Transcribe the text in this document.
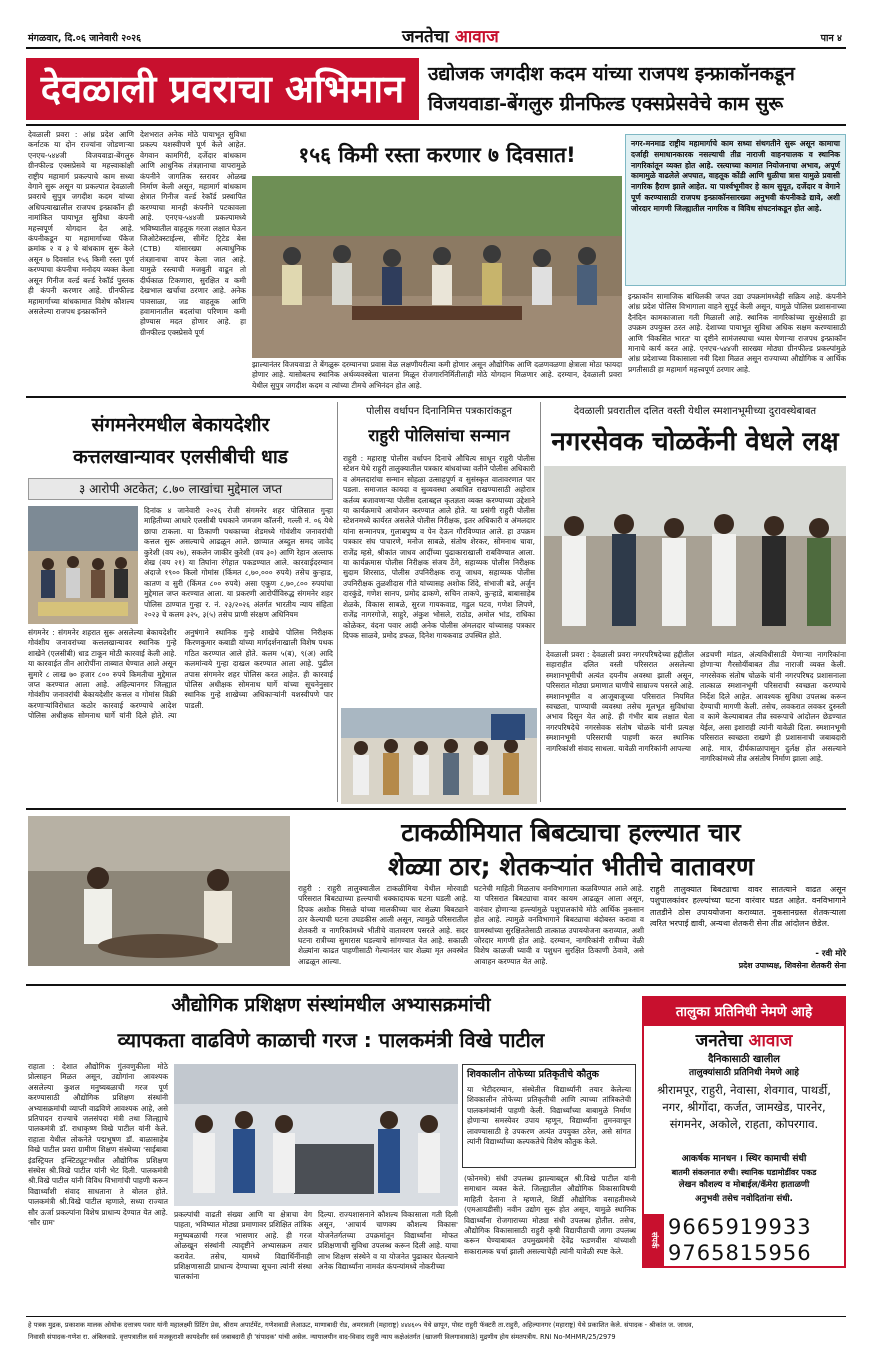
मंगळवार, दि.०६ जानेवारी २०२६	जनतेचा आवाज	पान ४
देवळाली प्रवराचा अभिमान	उद्योजक जगदीश कदम यांच्या राजपथ इन्फ्राकॉनकडून
विजयवाडा-बेंगलुरु ग्रीनफिल्ड एक्सप्रेसवेचे काम सुरू
देवळाली प्रवरा : आंध्र प्रदेश आणि कर्नाटक या दोन राज्यांना जोडणाऱ्या एनएच-५४४जी विजयवाडा-बेंगलुरु ग्रीनफील्ड एक्सप्रेसवे या महत्त्वाकांक्षी राष्ट्रीय महामार्ग प्रकल्पाचे काम सध्या वेगाने सुरू असून या प्रकल्पात देवळाली प्रवराचे सुपुत्र जगदीश कदम यांच्या अधिपत्याखालील राजपथ इन्फ्राकॉन ही नामांकित पायाभूत सुविधा कंपनी महत्त्वपूर्ण योगदान देत आहे. कंपनीकडून या महामार्गाच्या पॅकेज क्रमांक २ व ३ चे बांधकाम सुरू केले असून ७ दिवसांत १५६ किमी रस्ता पूर्ण करण्याचा कंपनीचा मनोदय व्यक्त केला असून गिनीज वर्ल्ड बर्ल्ड रेकॉर्ड पुस्तक ही कंपनी करणार आहे. ग्रीनफील्ड महामार्गाच्या बांधकामात विशेष कौशल्य असलेल्या राजपथ इन्फ्राकॉनने
देशभरात अनेक मोठे पायाभूत सुविधा प्रकल्प यशस्वीपणे पूर्ण केले आहेत. वेगवान कामगिरी, दर्जेदार बांधकाम आणि आधुनिक तंत्रज्ञानाचा वापरामुळे कंपनीने जागतिक स्तरावर ओळख निर्माण केली असून, महामार्ग बांधकाम क्षेत्रात गिनीज वर्ल्ड रेकॉर्ड प्रस्थापित करण्याचा मानही कंपनीने पटकावला आहे. एनएच-५४४जी प्रकल्पामध्ये भविष्यातील वाहतूक गरजा लक्षात घेऊन जिओटेक्स्टाईल्स, सीमेंट ट्रिटेड बेस (CTB) यांसारख्या अत्याधुनिक तंत्रज्ञानाचा वापर केला जात आहे. यामुळे रस्त्याची मजबुती वाढून तो दीर्घकाळ टिकणारा, सुरक्षित व कमी देखभाल खर्चाचा ठरणार आहे. अनेक पावसाळा, जड वाहतूक आणि हवामानातील बदलांचा परिणाम कमी होण्यास मदत होणार आहे. हा ग्रीनफील्ड एक्स्प्रेसवे पूर्ण
१५६ किमी रस्ता करणार ७ दिवसात!
झाल्यानंतर विजयवाडा ते बेंगळुरू दरम्यानचा प्रवास वेळ लक्षणीयरीत्या कमी होणार असून औद्योगिक आणि दळणवळणा क्षेत्राला मोठा फायदा होणार आहे. यासोबतच स्थानिक अर्थव्यवस्थेला चालना मिळून रोजगारनिर्मितीलाही मोठे योगदान मिळणार आहे. दरम्यान, देवळाली प्रवरा येथील सुपुत्र जगदीश कदम व त्यांच्या टीमचे अभिनंदन होत आहे.
नगर-मनमाड राष्ट्रीय महामार्गाचे काम सध्या संथगतीने सुरू असून कामाचा दर्जाही समाधानकारक नसल्याची तीव्र नाराजी वाहनचालक व स्थानिक नागरिकांतून व्यक्त होत आहे. रस्त्याच्या कामात नियोजनाचा अभाव, अपूर्ण कामामुळे वाढलेले अपघात, वाहतूक कोंडी आणि धुळीचा त्रास यामुळे प्रवासी नागरिक हैराण झाले आहेत. या पार्श्वभूमीवर हे काम सुयूत, दर्जेदार व वेगाने पूर्ण करण्यासाठी राजपथ इन्फ्राकॉनसारख्या अनुभवी कंपनीकडे द्यावे, अशी जोरदार मागणी जिल्ह्यातील नागरिक व विविध संघटनांकडून होत आहे.
इन्फ्राकॉन सामाजिक बांधिलकी जपत उद्या उपक्रमांमध्येही सक्रिय आहे. कंपनीने आंध्र प्रदेश पोलिस विभागाला वाहने सुपूर्द केली असून, यामुळे पोलिस प्रशासनाच्या दैनंदिन कामकाजाला गती मिळाली आहे. स्थानिक नागरिकांच्या सुरक्षेसाठी हा उपक्रम उपयुक्त ठरत आहे. देशाच्या पायाभूत सुविधा अधिक सक्षम करण्यासाठी आणि 'विकसित भारत' या दृष्टीने सामंजस्याचा ध्यास घेणाऱ्या राजपथ इन्फ्राकॉन मानाचे कार्य करत आहे. एनएच-५४४जी सारख्या मोठ्या ग्रीनफील्ड प्रकल्पांमुळे आंध्र प्रदेशाच्या विकासाला नवी दिशा मिळत असून राज्याच्या औद्योगिक व आर्थिक प्रगतीसाठी हा महामार्ग महत्त्वपूर्ण ठरणार आहे.
संगमनेरमधील बेकायदेशीर
कत्तलखान्यावर एलसीबीची धाड
३ आरोपी अटकेत; ८.७० लाखांचा मुद्देमाल जप्त
दिनांक ४ जानेवारी २०२६ रोजी संगमनेर शहर पोलिसात गुन्हा माहितीच्या आधारे एलसीबी पथकाने जमजम कॉलनी, गल्ली नं. ०६ येथे छापा टाकला. या ठिकाणी पथकाच्या शेडमध्ये गोवंशीय जनावरांची कत्तल सुरू असल्याचे आढळून आले. छाप्यात अब्दुल समद जावेद कुरेशी (वय २७), सकलेन जाकीर कुरेशी (वय ३०) आणि रेहान अल्ताफ शेख (वय २१) या तिघांना रंगेहात पकडण्यात आले. कारवाईदरम्यान अंदाजे १९०० किलो गोमांस (किंमत ८,७०,००० रुपये) तसेच कुऱ्हाड, कातण व सुरी (किंमत ८०० रुपये) असा एकूण ८,७०,८०० रुपयांचा मुद्देमाल जप्त करण्यात आला. या प्रकरणी आरोपींविरुद्ध संगमनेर शहर पोलिस ठाण्यात गुन्हा र. नं. २३/२०२६ अंतर्गत भारतीय न्याय संहिता २०२३ चे कलम ३२५, ३(५) तसेच प्राणी संरक्षण अधिनियम
संगमनेर : संगमनेर शहरात सुरू असलेल्या बेकायदेशीर गोवंशीय जनावरांच्या कत्तलखान्यावर स्थानिक गुन्हे शाखेने (एलसीबी) धाड टाकून मोठी कारवाई केली आहे. या कारवाईत तीन आरोपींना ताब्यात घेण्यात आले असून सुमारे ८ लाख ७० हजार ८०० रुपये किमतीचा मुद्देमाल जप्त करण्यात आला आहे. अहिल्यानगर जिल्ह्यात गोवंशीय जनावरांची बेकायदेशीर कत्तल व गोमांस विक्री करणाऱ्यांविरोधात कठोर कारवाई करण्याचे आदेश पोलिस अधीक्षक सोमनाथ घार्गे यांनी दिले होते. त्या अनुषंगाने स्थानिक गुन्हे शाखेचे पोलिस निरीक्षक किरणकुमार कबाडी यांच्या मार्गदर्शनाखाली विशेष पथक गठित करण्यात आले होते. कलम ५(ब), ९(अ) आदि कलमांन्वये गुन्हा दाखल करण्यात आला आहे. पुढील तपास संगमनेर शहर पोलिस करत आहेत. ही कारवाई पोलिस अधीक्षक सोमनाथ घार्गे यांच्या सूचनेनुसार स्थानिक गुन्हे शाखेच्या अधिकाऱ्यांनी यशस्वीपणे पार पाडली.
पोलीस वर्धापन दिनानिमित्त पत्रकारांकडून
राहुरी पोलिसांचा सन्मान
राहुरी : महाराष्ट्र पोलीस वर्धापन दिनाचे औचित्य साधून राहुरी पोलीस स्टेशन येथे राहुरी तालुक्यातील पत्रकार बांधवांच्या वतीने पोलीस अधिकारी व अंमलदारांचा सन्मान सोहळा उत्साहपूर्ण व सुसंस्कृत वातावरणात पार पडला. समाजात कायदा व सुव्यवस्था अबाधित राखण्यासाठी अहोरात्र कर्तव्य बजावणाऱ्या पोलीस दलाबद्दल कृतज्ञता व्यक्त करण्याच्या उद्देशाने या कार्यक्रमाचे आयोजन करण्यात आले होते. या प्रसंगी राहुरी पोलीस स्टेशनमध्ये कार्यरत असलेले पोलीस निरीक्षक, इतर अधिकारी व अंमलदार यांना सन्मानपत्र, गुलाबपुष्प व पेन देऊन गौरविण्यात आले. हा उपक्रम पत्रकार संघ पाचारणे, मनोज साबळे, संतोष शेरकर, सोमनाथ चावा, राजेंद्र म्हसे, श्रीकांत जाधव आदींच्या पुढाकाराखाली राबविण्यात आला. या कार्यक्रमास पोलीस निरीक्षक संजय ठेंगे, सहाय्यक पोलीस निरीक्षक सुदाम शिरसाठ, पोलीस उपनिरीक्षक राजू जाधव, सहाय्यक पोलीस उपनिरीक्षक तुळशीदास गीते यांच्यासह अशोक शिंदे, संभाजी बडे, अर्जुन दारकुंडे, गणेश सानप, प्रमोद ढाकणे, सचिन ताकपे, कुऱ्हाडे, बाबासाहेब शेळके, विकास साबळे, सुरज गायकवाड, गडुल घटव, गणेश लिपणे, राजेंद्र नागरगोजे, साहुरे, अंकुश भोसले, राठोड, अमोल भांड, राधिका कोळेकर, वंदना पवार आदी अनेक पोलीस अंमलदार यांच्यासह पत्रकार दिपक साळवे, प्रमोद डफळ, दिनेश गायकवाड उपस्थित होते.
देवळाली प्रवरातील दलित वस्ती येथील स्मशानभूमीच्या दुरावस्थेबाबत
नगरसेवक चोळकेंनी वेधले लक्ष
देवळाली प्रवरा : देवळाली प्रवरा नगरपरिषदेच्या हद्दीतील सहाराहीत दलित वस्ती परिसरात असलेल्या स्मशानभूमीची अत्यंत दयनीय अवस्था झाली असून, परिसरात मोठ्या प्रमाणात घाणीचे साम्राज्य पसरले आहे. स्मशानभूमीत व आजूबाजूच्या परिसरात नियमित स्वच्छता, पाण्याची व्यवस्था तसेच मूलभूत सुविधांचा अभाव दिसून येत आहे. ही गंभीर बाब लक्षात घेता नगरपरिषदेचे नगरसेवक संतोष चोळके यांनी प्रत्यक्ष स्मशानभूमी परिसराची पाहणी करत स्थानिक नागरिकांशी संवाद साधला. यावेळी नागरिकांनी आपल्या
अडचणी मांडत, अंत्यविधीसाठी येणाऱ्या नागरिकांना होणाऱ्या गैरसोयींबाबत तीव्र नाराजी व्यक्त केली. नगरसेवक संतोष चोळके यांनी नगरपरिषद प्रशासनाला तात्काळ स्मशानभूमी परिसराची स्वच्छता करण्याचे निर्देश दिले आहेत. आवश्यक सुविधा उपलब्ध करून देण्याची मागणी केली. तसेच, लवकरात लवकर दुरुस्ती व कामे केल्याबाबत तीव्र स्वरूपाचे आंदोलन छेडण्यात येईल, असा इशाराही त्यांनी यावेळी दिला. स्मशानभूमी परिसरात स्वच्छता राखणे ही प्रशासनाची जबाबदारी आहे. मात्र, दीर्घकाळापासून दुर्लक्ष होत असल्याने नागरिकांमध्ये तीव्र असंतोष निर्माण झाला आहे.
टाकळीमियात बिबट्याचा हल्ल्यात चार
शेळ्या ठार; शेतकऱ्यांत भीतीचे वातावरण
राहुरी : राहुरी तालुक्यातील टाकळीमिया येथील मोरवाडी परिसरात बिबट्याच्या हल्ल्याची धक्कादायक घटना घडली आहे. दिपक अशोक मिसळे यांच्या मालकीच्या चार शेळ्या बिबट्याने ठार केल्याची घटना उघडकीस आली असून, त्यामुळे परिसरातील शेतकरी व नागरिकांमध्ये भीतीचे वातावरण पसरले आहे. सदर घटना रात्रीच्या सुमारास घडल्याचे सांगण्यात येत आहे. सकाळी शेळ्यांना काढत पाहणीसाठी गेल्यानंतर चार शेळ्या मृत अवस्थेत आढळून आल्या.
घटनेची माहिती मिळताच वनविभागाला कळविण्यात आले आहे. या परिसरात बिबट्याचा वावर कायम आढळून आला असून, वारंवार होणाऱ्या हल्ल्यांमुळे पशुपालकांचे मोठे आर्थिक नुकसान होत आहे. त्यामुळे वनविभागाने बिबट्याचा बंदोबस्त करावा व ग्रामस्थांच्या सुरक्षिततेसाठी तात्काळ उपाययोजना कराव्यात, अशी जोरदार मागणी होत आहे. दरम्यान, नागरिकांनी रात्रीच्या वेळी विशेष काळजी घ्यावी व पशुधन सुरक्षित ठिकाणी ठेवावे, असे आवाहन करण्यात येत आहे.
राहुरी तालुक्यात बिबट्याचा वावर सातत्याने वाढत असून पशुपालकांवर हल्ल्यांच्या घटना वारंवार घडत आहेत. वनविभागाने तातडीने ठोस उपाययोजना कराव्यात. नुकसानग्रस्त शेतकऱ्याला त्वरित भरपाई द्यावी, अन्यथा शेतकरी सेना तीव्र आंदोलन छेडेल.
- रवी मोरे
प्रदेश उपाध्यक्ष, शिवसेना शेतकरी सेना
औद्योगिक प्रशिक्षण संस्थांमधील अभ्यासक्रमांची
व्यापकता वाढविणे काळाची गरज : पालकमंत्री विखे पाटील
राहाता : देशात औद्योगिक गुंतवणुकीला मोठे प्रोत्साहन मिळत असून, उद्योगांना आवश्यक असलेल्या कुशल मनुष्यबळाची गरज पूर्ण करण्यासाठी औद्योगिक प्रशिक्षण संस्थांनी अभ्यासक्रमांची व्याप्ती वाढविणे आवश्यक आहे, असे प्रतिपादन राज्याचे जलसंपदा मंत्री तथा जिल्ह्याचे पालकमंत्री डॉ. राधाकृष्ण विखे पाटील यांनी केले. राहाता येथील लोकनेते पद्मभूषण डॉ. बाळासाहेब विखे पाटील प्रवरा ग्रामीण शिक्षण संस्थेच्या 'साईबाबा इंडस्ट्रियल इन्स्टिट्यूट'मधील औद्योगिक प्रशिक्षण संस्थेस श्री.विखे पाटील यांनी भेट दिली. पालकमंत्री श्री.विखे पाटील यांनी विविध विभागांची पाहणी करून विद्यार्थ्यांशी संवाद साधताना ते बोलत होते. पालकमंत्री श्री.विखे पाटील म्हणाले, सध्या राज्यात सौर ऊर्जा प्रकल्पांना विशेष प्राधान्य देण्यात येत आहे. 'सौर ग्राम'
प्रकल्पांची वाढती संख्या आणि या क्षेत्राचा वेग पाहता, भविष्यात मोठ्या प्रमाणावर प्रशिक्षित तांत्रिक मनुष्यबळाची गरज भासणार आहे. ही गरज ओळखून संस्थांनी त्यादृष्टीने अभ्यासक्रम तयार करावेत. तसेच, यामध्ये विद्यार्थिनींनाही प्रशिक्षणासाठी प्राधान्य देण्याच्या सूचना त्यांनी संस्था चालकांना
दिल्या. राज्यशासनाने कौशल्य विकासाला गती दिली असून, 'आचार्य चाणक्य कौशल्य विकास' योजनेतर्गतच्या उपक्रमांतून विद्यार्थ्यांना मोफत प्रशिक्षणाची सुविधा उपलब्ध करून दिली आहे. याचा लाभ शिक्षण संस्थेने व या योजनेत पुढाकार घेतल्याने अनेक विद्यार्थ्यांना नामवंत कंपन्यांमध्ये नोकरीच्या
शिवकालीन तोफेच्या प्रतिकृतीचे कौतुक
या भेटीदरम्यान, संस्थेतील विद्यार्थ्यांनी तयार केलेल्या शिवकालीन तोफेच्या प्रतिकृतीची आणि त्याच्या तांत्रिकतेची पालकमंत्र्यांनी पाहणी केली. विद्यार्थ्यांच्या बाबामुळे निर्माण होणाऱ्या समस्येवर उपाय म्हणून, विद्यार्थ्यांना तुमनवाचून लावण्यासाठी हे उपकरण अत्यंत उपयुक्त ठरेल, असे सांगत त्यांनी विद्यार्थ्यांच्या कल्पकतेचे विशेष कौतुक केले.
(फोनमधे) संधी उपलब्ध झाल्याबद्दल श्री.विखे पाटील यांनी समाधान व्यक्त केले. जिल्ह्यातील औद्योगिक विकासाविषयी माहिती देताना ते म्हणाले, शिर्डी औद्योगिक वसाहतीमध्ये (एमआयडीसी) नवीन उद्योग सुरू होत असून, यामुळे स्थानिक विद्यार्थ्यांना रोजगाराच्या मोठ्या संधी उपलब्ध होतील. तसेच, औद्योगिक विकासासाठी राहुरी कृषी विद्यापीठाची जागा उपलब्ध करून घेण्याबाबत उपमुख्यमंत्री देवेंद्र फडणवीस यांच्याशी सकारात्मक चर्चा झाली असल्याचेही त्यांनी यावेळी स्पष्ट केले.
तालुका प्रतिनिधी नेमणे आहे
जनतेचा आवाज
दैनिकासाठी खालील
तालुक्यांसाठी प्रतिनिधी नेमणे आहे
श्रीरामपूर, राहुरी, नेवासा, शेवगाव, पाथर्डी, नगर, श्रीगोंदा, कर्जत, जामखेड, पारनेर, संगमनेर, अकोले, राहता, कोपरगाव.
आकर्षक मानधन । स्थिर कामाची संधी
बातमी संकलनात रुची। स्थानिक घडामोडींवर पकड
लेखन कौशल्य व मोबाईल/कॅमेरा हाताळणी
अनुभवी तसेच नवोदितांना संधी.
संपर्क
9665919933
9765815956
हे पत्रक मुद्रक, प्रकाशक मालक ओयोक दत्तात्रय पवार यांनी महालक्ष्मी प्रिंटिंग प्रेस, श्रीराम अपार्टमेंट, गणेशवाडी लेआऊट, माणाबादी रोड, अमरावती (महाराष्ट्र) ४४४६०५ येथे छापून, पोस्ट राहुरी फॅक्टरी ता.राहुरी, अहिल्यानगर (महाराष्ट्र) येथे प्रकाशित केले. संपादक - श्रीकांत ज. जाधव,
निवासी संपादक-गणेश रा. अंबिलवाडे. वृत्तपत्रातील सर्व मजकूराशी कायदेशीर सर्व जबाबदारी ही 'संपादक' यांची असेल. न्यायालयीन वाद-विवाद राहुरी न्याय कक्षेअंतर्गत (खाजगी विलगावासाठे) मुद्रणीय होय संमतपत्रीय. RNI No-MHMR/25/2979
